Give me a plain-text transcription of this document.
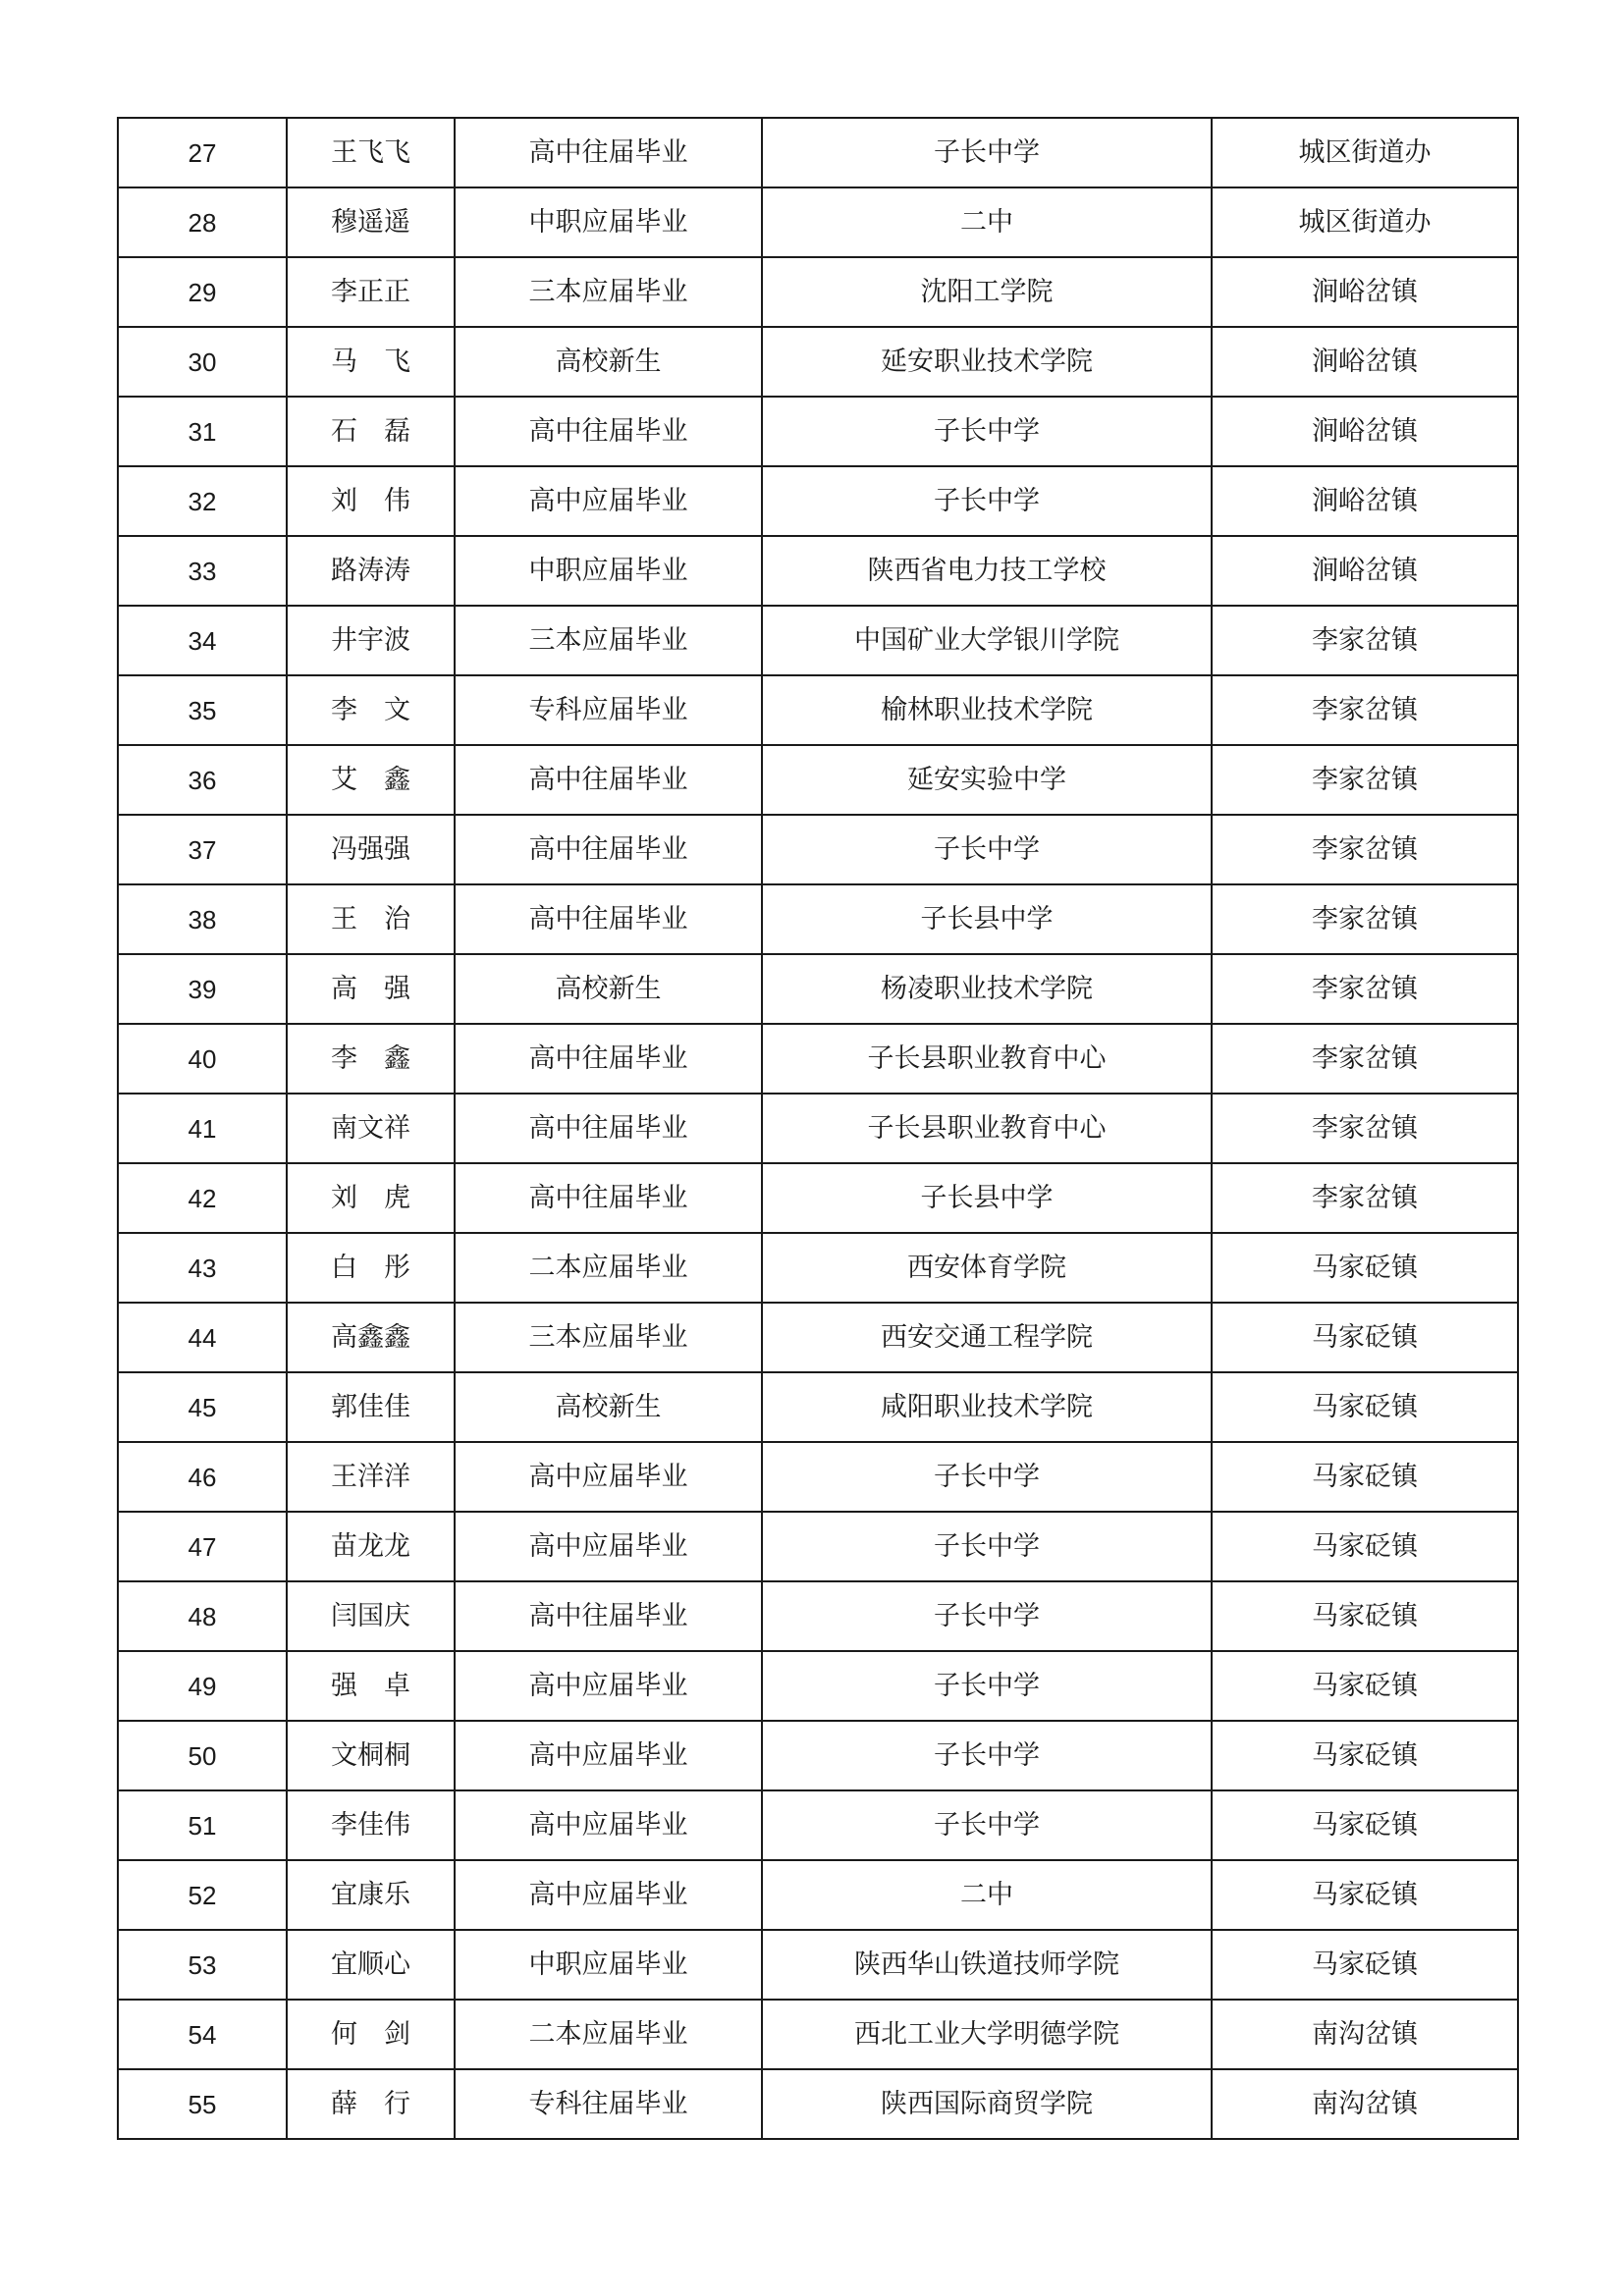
27	王飞飞	高中往届毕业	子长中学	城区街道办
28	穆遥遥	中职应届毕业	二中	城区街道办
29	李正正	三本应届毕业	沈阳工学院	涧峪岔镇
30	马　飞	高校新生	延安职业技术学院	涧峪岔镇
31	石　磊	高中往届毕业	子长中学	涧峪岔镇
32	刘　伟	高中应届毕业	子长中学	涧峪岔镇
33	路涛涛	中职应届毕业	陕西省电力技工学校	涧峪岔镇
34	井宇波	三本应届毕业	中国矿业大学银川学院	李家岔镇
35	李　文	专科应届毕业	榆林职业技术学院	李家岔镇
36	艾　鑫	高中往届毕业	延安实验中学	李家岔镇
37	冯强强	高中往届毕业	子长中学	李家岔镇
38	王　治	高中往届毕业	子长县中学	李家岔镇
39	高　强	高校新生	杨凌职业技术学院	李家岔镇
40	李　鑫	高中往届毕业	子长县职业教育中心	李家岔镇
41	南文祥	高中往届毕业	子长县职业教育中心	李家岔镇
42	刘　虎	高中往届毕业	子长县中学	李家岔镇
43	白　彤	二本应届毕业	西安体育学院	马家砭镇
44	高鑫鑫	三本应届毕业	西安交通工程学院	马家砭镇
45	郭佳佳	高校新生	咸阳职业技术学院	马家砭镇
46	王洋洋	高中应届毕业	子长中学	马家砭镇
47	苗龙龙	高中应届毕业	子长中学	马家砭镇
48	闫国庆	高中往届毕业	子长中学	马家砭镇
49	强　卓	高中应届毕业	子长中学	马家砭镇
50	文桐桐	高中应届毕业	子长中学	马家砭镇
51	李佳伟	高中应届毕业	子长中学	马家砭镇
52	宜康乐	高中应届毕业	二中	马家砭镇
53	宜顺心	中职应届毕业	陕西华山铁道技师学院	马家砭镇
54	何　剑	二本应届毕业	西北工业大学明德学院	南沟岔镇
55	薛　行	专科往届毕业	陕西国际商贸学院	南沟岔镇
